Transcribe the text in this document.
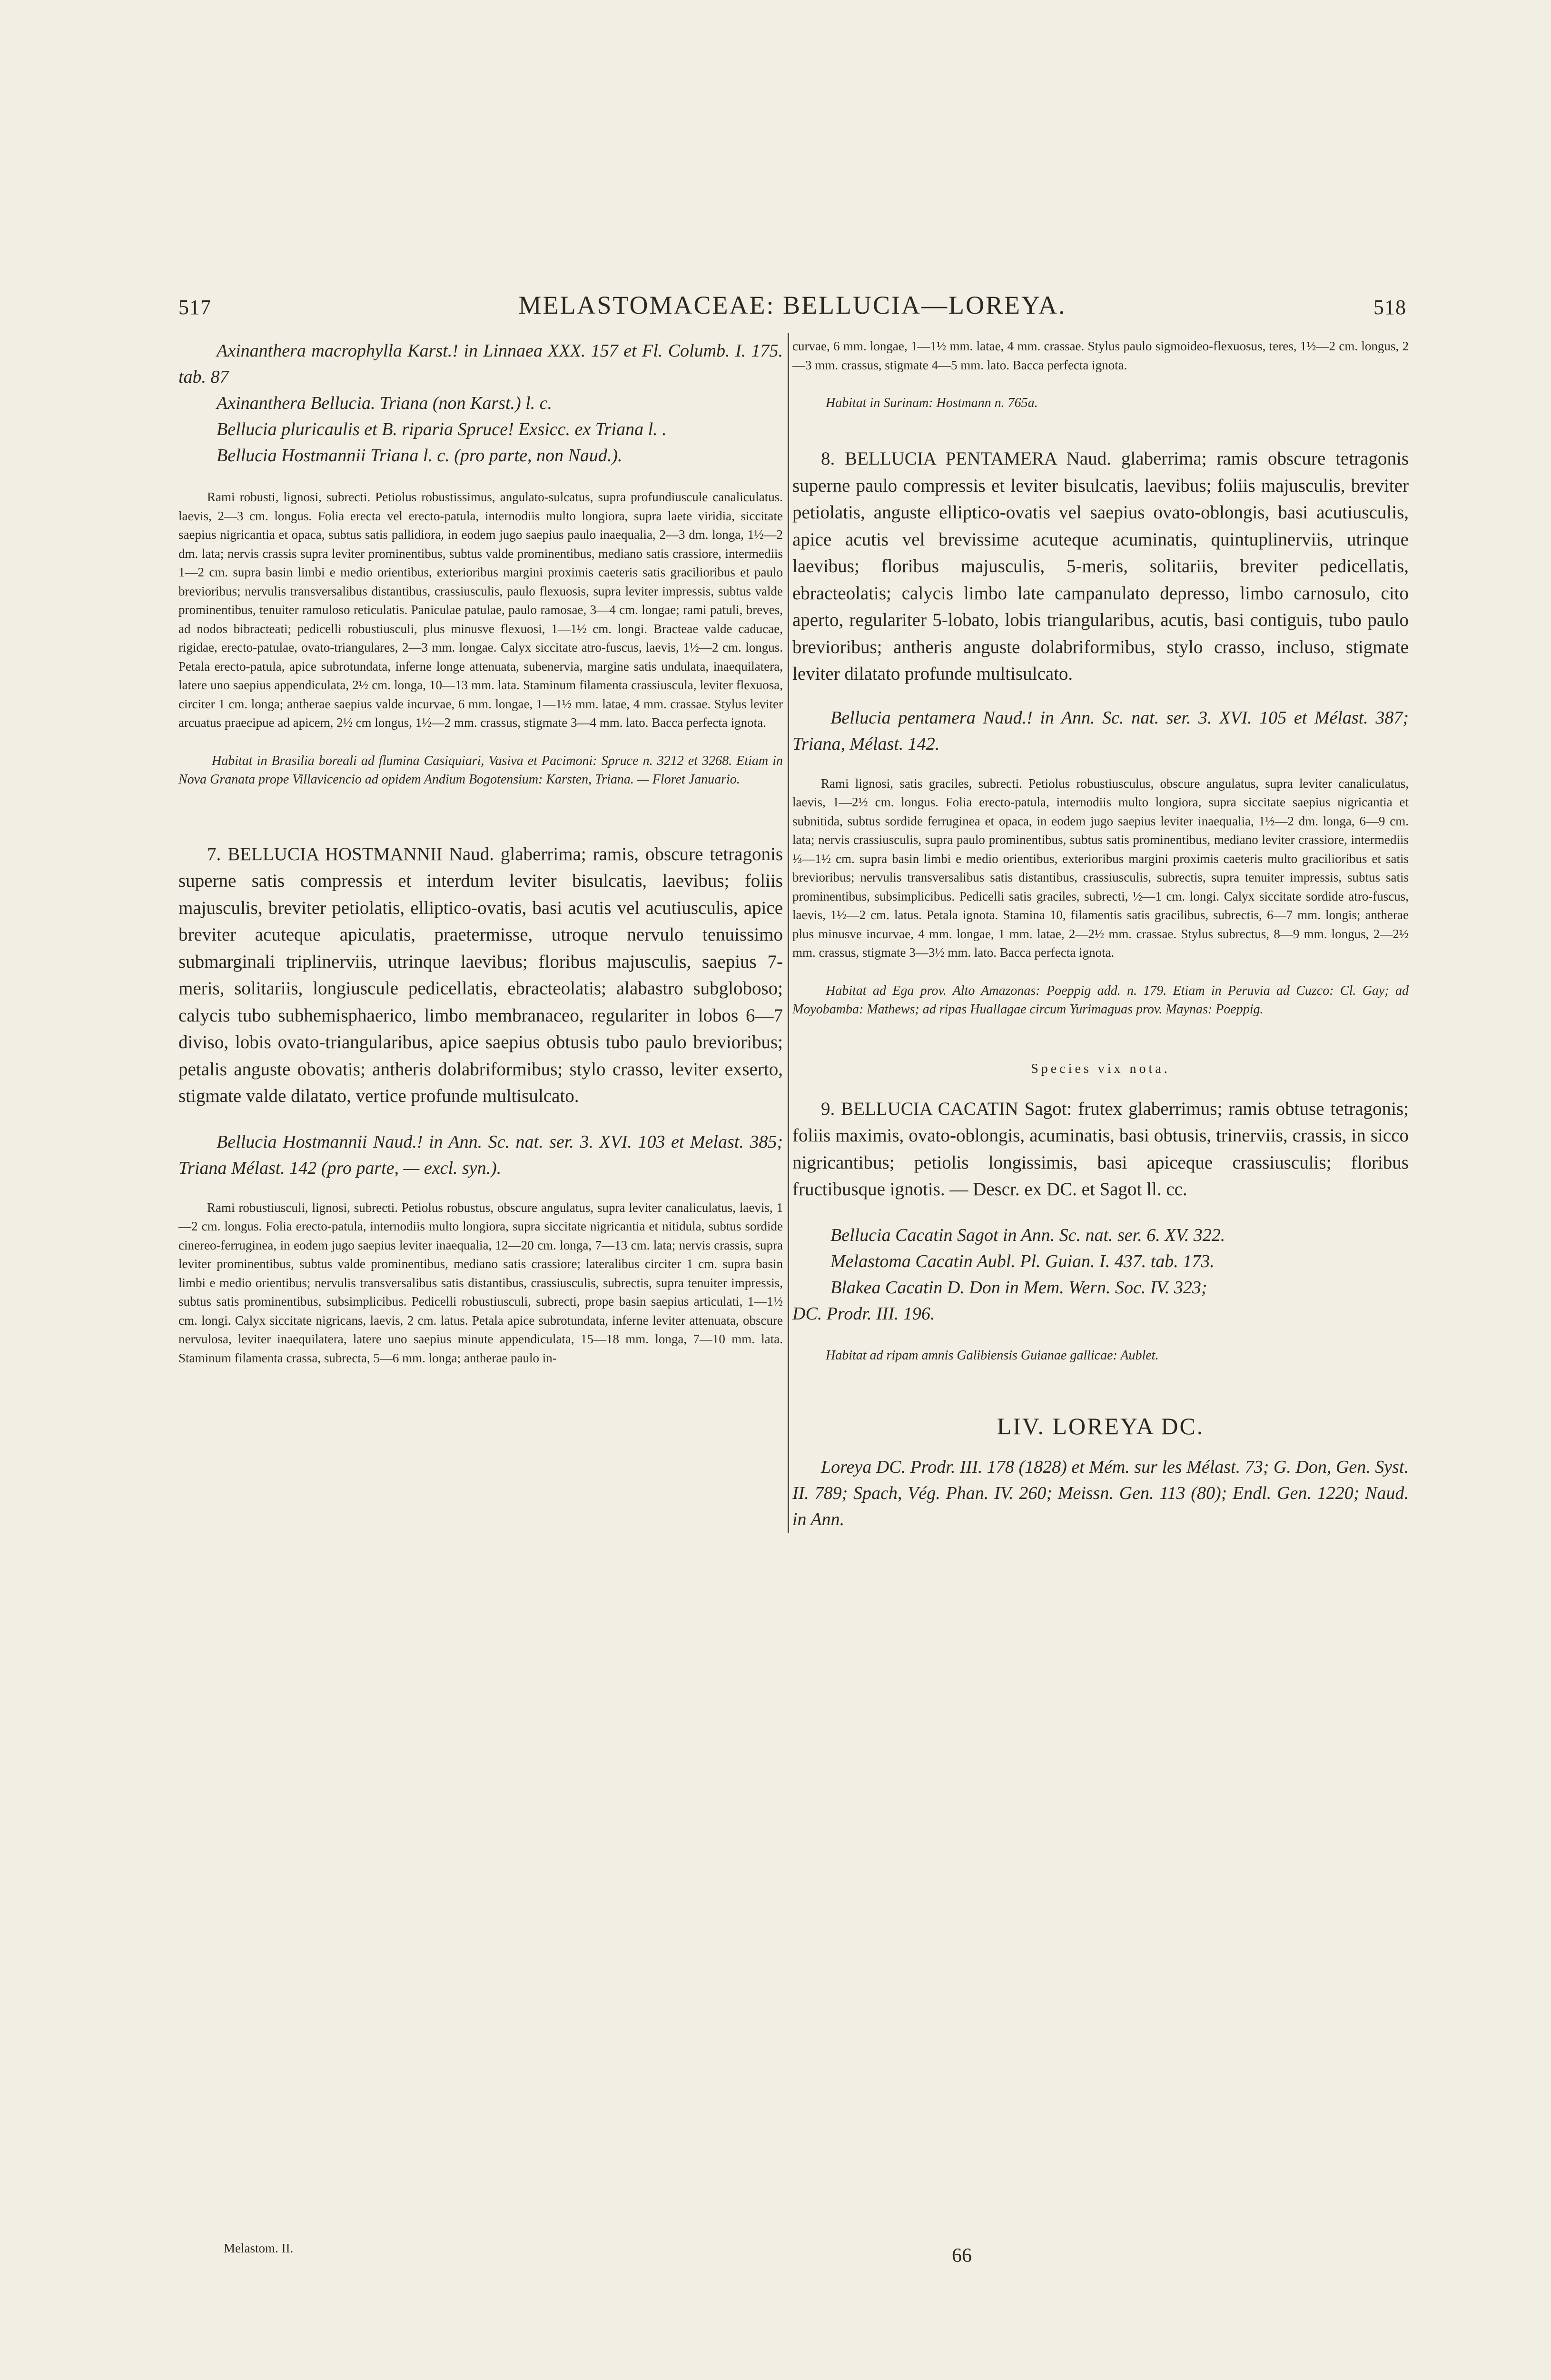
517	MELASTOMACEAE: BELLUCIA—LOREYA.	518
Axinanthera macrophylla Karst.! in Linnaea XXX. 157 et Fl. Columb. I. 175. tab. 87
Axinanthera Bellucia. Triana (non Karst.) l. c.
Bellucia pluricaulis et B. riparia Spruce! Exsicc. ex Triana l. .
Bellucia Hostmannii Triana l. c. (pro parte, non Naud.).

Rami robusti, lignosi, subrecti. Petiolus robustissimus, angulato-sulcatus, supra profundiuscule canaliculatus. laevis, 2—3 cm. longus. Folia erecta vel erecto-patula, internodiis multo longiora, supra laete viridia, siccitate saepius nigricantia et opaca, subtus satis pallidiora, in eodem jugo saepius paulo inaequalia, 2—3 dm. longa, 1½—2 dm. lata; nervis crassis supra leviter prominentibus, subtus valde prominentibus, mediano satis crassiore, intermediis 1—2 cm. supra basin limbi e medio orientibus, exterioribus margini proximis caeteris satis gracilioribus et paulo brevioribus; nervulis transversalibus distantibus, crassiusculis, paulo flexuosis, supra leviter impressis, subtus valde prominentibus, tenuiter ramuloso reticulatis. Paniculae patulae, paulo ramosae, 3—4 cm. longae; rami patuli, breves, ad nodos bibracteati; pedicelli robustiusculi, plus minusve flexuosi, 1—1½ cm. longi. Bracteae valde caducae, rigidae, erecto-patulae, ovato-triangulares, 2—3 mm. longae. Calyx siccitate atro-fuscus, laevis, 1½—2 cm. longus. Petala erecto-patula, apice subrotundata, inferne longe attenuata, subenervia, margine satis undulata, inaequilatera, latere uno saepius appendiculata, 2½ cm. longa, 10—13 mm. lata. Staminum filamenta crassiuscula, leviter flexuosa, circiter 1 cm. longa; antherae saepius valde incurvae, 6 mm. longae, 1—1½ mm. latae, 4 mm. crassae. Stylus leviter arcuatus praecipue ad apicem, 2½ cm longus, 1½—2 mm. crassus, stigmate 3—4 mm. lato. Bacca perfecta ignota.

Habitat in Brasilia boreali ad flumina Casiquiari, Vasiva et Pacimoni: Spruce n. 3212 et 3268. Etiam in Nova Granata prope Villavicencio ad opidem Andium Bogotensium: Karsten, Triana. — Floret Januario.

7. BELLUCIA HOSTMANNII Naud. glaberrima; ramis, obscure tetragonis superne satis compressis et interdum leviter bisulcatis, laevibus; foliis majusculis, breviter petiolatis, elliptico-ovatis, basi acutis vel acutiusculis, apice breviter acuteque apiculatis, praetermisse, utroque nervulo tenuissimo submarginali triplinerviis, utrinque laevibus; floribus majusculis, saepius 7-meris, solitariis, longiuscule pedicellatis, ebracteolatis; alabastro subgloboso; calycis tubo subhemisphaerico, limbo membranaceo, regulariter in lobos 6—7 diviso, lobis ovato-triangularibus, apice saepius obtusis tubo paulo brevioribus; petalis anguste obovatis; antheris dolabriformibus; stylo crasso, leviter exserto, stigmate valde dilatato, vertice profunde multisulcato.

Bellucia Hostmannii Naud.! in Ann. Sc. nat. ser. 3. XVI. 103 et Melast. 385; Triana Mélast. 142 (pro parte, — excl. syn.).

Rami robustiusculi, lignosi, subrecti. Petiolus robustus, obscure angulatus, supra leviter canaliculatus, laevis, 1—2 cm. longus. Folia erecto-patula, internodiis multo longiora, supra siccitate nigricantia et nitidula, subtus sordide cinereo-ferruginea, in eodem jugo saepius leviter inaequalia, 12—20 cm. longa, 7—13 cm. lata; nervis crassis, supra leviter prominentibus, subtus valde prominentibus, mediano satis crassiore; lateralibus circiter 1 cm. supra basin limbi e medio orientibus; nervulis transversalibus satis distantibus, crassiusculis, subrectis, supra tenuiter impressis, subtus satis prominentibus, subsimplicibus. Pedicelli robustiusculi, subrecti, prope basin saepius articulati, 1—1½ cm. longi. Calyx siccitate nigricans, laevis, 2 cm. latus. Petala apice subrotundata, inferne leviter attenuata, obscure nervulosa, leviter inaequilatera, latere uno saepius minute appendiculata, 15—18 mm. longa, 7—10 mm. lata. Staminum filamenta crassa, subrecta, 5—6 mm. longa; antherae paulo in-

Melastom. II.

curvae, 6 mm. longae, 1—1½ mm. latae, 4 mm. crassae. Stylus paulo sigmoideo-flexuosus, teres, 1½—2 cm. longus, 2—3 mm. crassus, stigmate 4—5 mm. lato. Bacca perfecta ignota.

Habitat in Surinam: Hostmann n. 765a.

8. BELLUCIA PENTAMERA Naud. glaberrima; ramis obscure tetragonis superne paulo compressis et leviter bisulcatis, laevibus; foliis majusculis, breviter petiolatis, anguste elliptico-ovatis vel saepius ovato-oblongis, basi acutiusculis, apice acutis vel brevissime acuteque acuminatis, quintuplinerviis, utrinque laevibus; floribus majusculis, 5-meris, solitariis, breviter pedicellatis, ebracteolatis; calycis limbo late campanulato depresso, limbo carnosulo, cito aperto, regulariter 5-lobato, lobis triangularibus, acutis, basi contiguis, tubo paulo brevioribus; antheris anguste dolabriformibus, stylo crasso, incluso, stigmate leviter dilatato profunde multisulcato.

Bellucia pentamera Naud.! in Ann. Sc. nat. ser. 3. XVI. 105 et Mélast. 387; Triana, Mélast. 142.

Rami lignosi, satis graciles, subrecti. Petiolus robustiusculus, obscure angulatus, supra leviter canaliculatus, laevis, 1—2½ cm. longus. Folia erecto-patula, internodiis multo longiora, supra siccitate saepius nigricantia et subnitida, subtus sordide ferruginea et opaca, in eodem jugo saepius leviter inaequalia, 1½—2 dm. longa, 6—9 cm. lata; nervis crassiusculis, supra paulo prominentibus, subtus satis prominentibus, mediano leviter crassiore, intermediis ⅓—1½ cm. supra basin limbi e medio orientibus, exterioribus margini proximis caeteris multo gracilioribus et satis brevioribus; nervulis transversalibus satis distantibus, crassiusculis, subrectis, supra tenuiter impressis, subtus satis prominentibus, subsimplicibus. Pedicelli satis graciles, subrecti, ½—1 cm. longi. Calyx siccitate sordide atro-fuscus, laevis, 1½—2 cm. latus. Petala ignota. Stamina 10, filamentis satis gracilibus, subrectis, 6—7 mm. longis; antherae plus minusve incurvae, 4 mm. longae, 1 mm. latae, 2—2½ mm. crassae. Stylus subrectus, 8—9 mm. longus, 2—2½ mm. crassus, stigmate 3—3½ mm. lato. Bacca perfecta ignota.

Habitat ad Ega prov. Alto Amazonas: Poeppig add. n. 179. Etiam in Peruvia ad Cuzco: Cl. Gay; ad Moyobamba: Mathews; ad ripas Huallagae circum Yurimaguas prov. Maynas: Poeppig.

Species vix nota.

9. BELLUCIA CACATIN Sagot: frutex glaberrimus; ramis obtuse tetragonis; foliis maximis, ovato-oblongis, acuminatis, basi obtusis, trinerviis, crassis, in sicco nigricantibus; petiolis longissimis, basi apiceque crassiusculis; floribus fructibusque ignotis. — Descr. ex DC. et Sagot ll. cc.

Bellucia Cacatin Sagot in Ann. Sc. nat. ser. 6. XV. 322.
Melastoma Cacatin Aubl. Pl. Guian. I. 437. tab. 173.
Blakea Cacatin D. Don in Mem. Wern. Soc. IV. 323;
DC. Prodr. III. 196.

Habitat ad ripam amnis Galibiensis Guianae gallicae: Aublet.

LIV. LOREYA DC.

Loreya DC. Prodr. III. 178 (1828) et Mém. sur les Mélast. 73; G. Don, Gen. Syst. II. 789; Spach, Vég. Phan. IV. 260; Meissn. Gen. 113 (80); Endl. Gen. 1220; Naud. in Ann.

66
